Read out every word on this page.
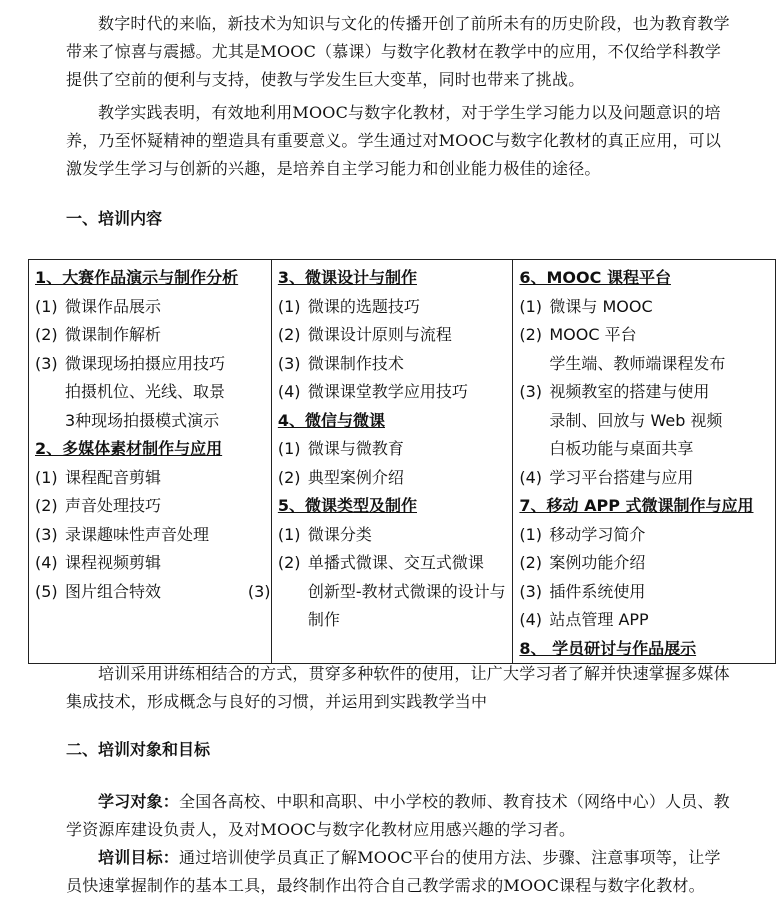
数字时代的来临，新技术为知识与文化的传播开创了前所未有的历史阶段，也为教育教学带来了惊喜与震撼。尤其是MOOC（慕课）与数字化教材在教学中的应用，不仅给学科教学提供了空前的便利与支持，使教与学发生巨大变革，同时也带来了挑战。

教学实践表明，有效地利用MOOC与数字化教材，对于学生学习能力以及问题意识的培养，乃至怀疑精神的塑造具有重要意义。学生通过对MOOC与数字化教材的真正应用，可以激发学生学习与创新的兴趣，是培养自主学习能力和创业能力极佳的途径。

一、培训内容

1、大赛作品演示与制作分析
(1) 微课作品展示
(2) 微课制作解析
(3) 微课现场拍摄应用技巧
拍摄机位、光线、取景
3种现场拍摄模式演示
2、多媒体素材制作与应用
(1) 课程配音剪辑
(2) 声音处理技巧
(3) 录课趣味性声音处理
(4) 课程视频剪辑
(5) 图片组合特效

3、微课设计与制作
(1) 微课的选题技巧
(2) 微课设计原则与流程
(3) 微课制作技术
(4) 微课课堂教学应用技巧
4、微信与微课
(1) 微课与微教育
(2) 典型案例介绍
5、微课类型及制作
(1) 微课分类
(2) 单播式微课、交互式微课
(3) 创新型-教材式微课的设计与制作

6、MOOC 课程平台
(1) 微课与 MOOC
(2) MOOC 平台
学生端、教师端课程发布
(3) 视频教室的搭建与使用
录制、回放与 Web 视频
白板功能与桌面共享
(4) 学习平台搭建与应用
7、移动 APP 式微课制作与应用
(1) 移动学习简介
(2) 案例功能介绍
(3) 插件系统使用
(4) 站点管理 APP
8、 学员研讨与作品展示

培训采用讲练相结合的方式，贯穿多种软件的使用，让广大学习者了解并快速掌握多媒体集成技术，形成概念与良好的习惯，并运用到实践教学当中

二、培训对象和目标

学习对象：全国各高校、中职和高职、中小学校的教师、教育技术（网络中心）人员、教学资源库建设负责人，及对MOOC与数字化教材应用感兴趣的学习者。

培训目标：通过培训使学员真正了解MOOC平台的使用方法、步骤、注意事项等，让学员快速掌握制作的基本工具，最终制作出符合自己教学需求的MOOC课程与数字化教材。
